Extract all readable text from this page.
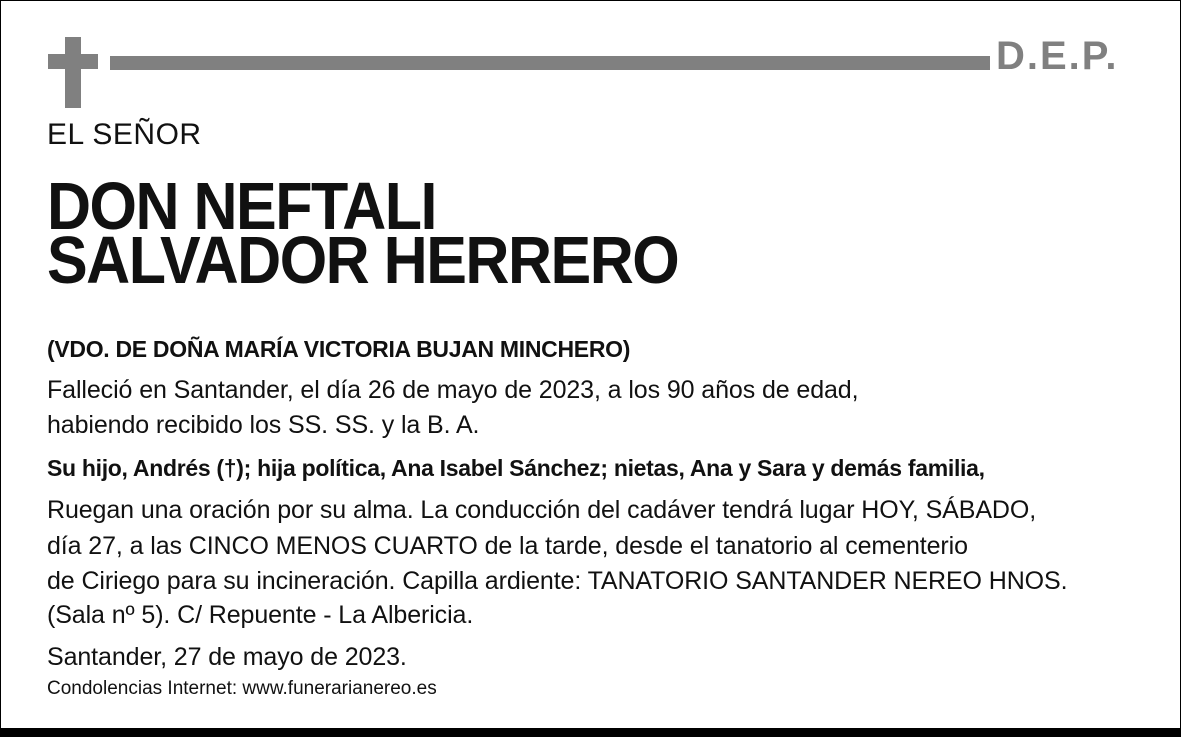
D.E.P.
EL SEÑOR
DON NEFTALI
SALVADOR HERRERO
(VDO. DE DOÑA MARÍA VICTORIA BUJAN MINCHERO)
Falleció en Santander, el día 26 de mayo de 2023, a los 90 años de edad,
habiendo recibido los SS. SS. y la B. A.
Su hijo, Andrés (†); hija política, Ana Isabel Sánchez; nietas, Ana y Sara y demás familia,
Ruegan una oración por su alma. La conducción del cadáver tendrá lugar HOY, SÁBADO,
día 27, a las CINCO MENOS CUARTO de la tarde, desde el tanatorio al cementerio
de Ciriego para su incineración. Capilla ardiente: TANATORIO SANTANDER NEREO HNOS.
(Sala nº 5). C/ Repuente - La Albericia.
Santander, 27 de mayo de 2023.
Condolencias Internet: www.funerarianereo.es
